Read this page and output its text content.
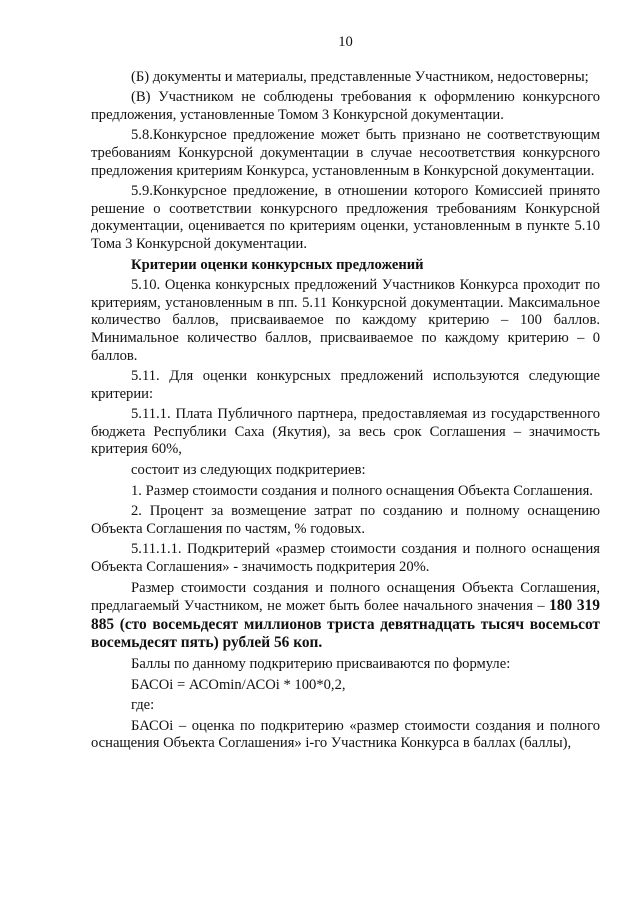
10

(Б) документы и материалы, представленные Участником, недостоверны;

(В) Участником не соблюдены требования к оформлению конкурсного предложения, установленные Томом 3 Конкурсной документации.

5.8.Конкурсное предложение может быть признано не соответствующим требованиям Конкурсной документации в случае несоответствия конкурсного предложения критериям Конкурса, установленным в Конкурсной документации.

5.9.Конкурсное предложение, в отношении которого Комиссией принято решение о соответствии конкурсного предложения требованиям Конкурсной документации, оценивается по критериям оценки, установленным в пункте 5.10 Тома 3 Конкурсной документации.

Критерии оценки конкурсных предложений

5.10. Оценка конкурсных предложений Участников Конкурса проходит по критериям, установленным в пп. 5.11 Конкурсной документации. Максимальное количество баллов, присваиваемое по каждому критерию – 100 баллов. Минимальное количество баллов, присваиваемое по каждому критерию – 0 баллов.

5.11. Для оценки конкурсных предложений используются следующие критерии:

5.11.1. Плата Публичного партнера, предоставляемая из государственного бюджета Республики Саха (Якутия), за весь срок Соглашения – значимость критерия 60%,

состоит из следующих подкритериев:

1. Размер стоимости создания и полного оснащения Объекта Соглашения.

2. Процент за возмещение затрат по созданию и полному оснащению Объекта Соглашения по частям, % годовых.

5.11.1.1. Подкритерий «размер стоимости создания и полного оснащения Объекта Соглашения» - значимость подкритерия 20%.

Размер стоимости создания и полного оснащения Объекта Соглашения, предлагаемый Участником, не может быть более начального значения – 180 319 885 (сто восемьдесят миллионов триста девятнадцать тысяч восемьсот восемьдесят пять) рублей 56 коп.

Баллы по данному подкритерию присваиваются по формуле:

БАСОi = АСОmin/АСОi * 100*0,2,

где:

БАСОi – оценка по подкритерию «размер стоимости создания и полного оснащения Объекта Соглашения» i-го Участника Конкурса в баллах (баллы),
